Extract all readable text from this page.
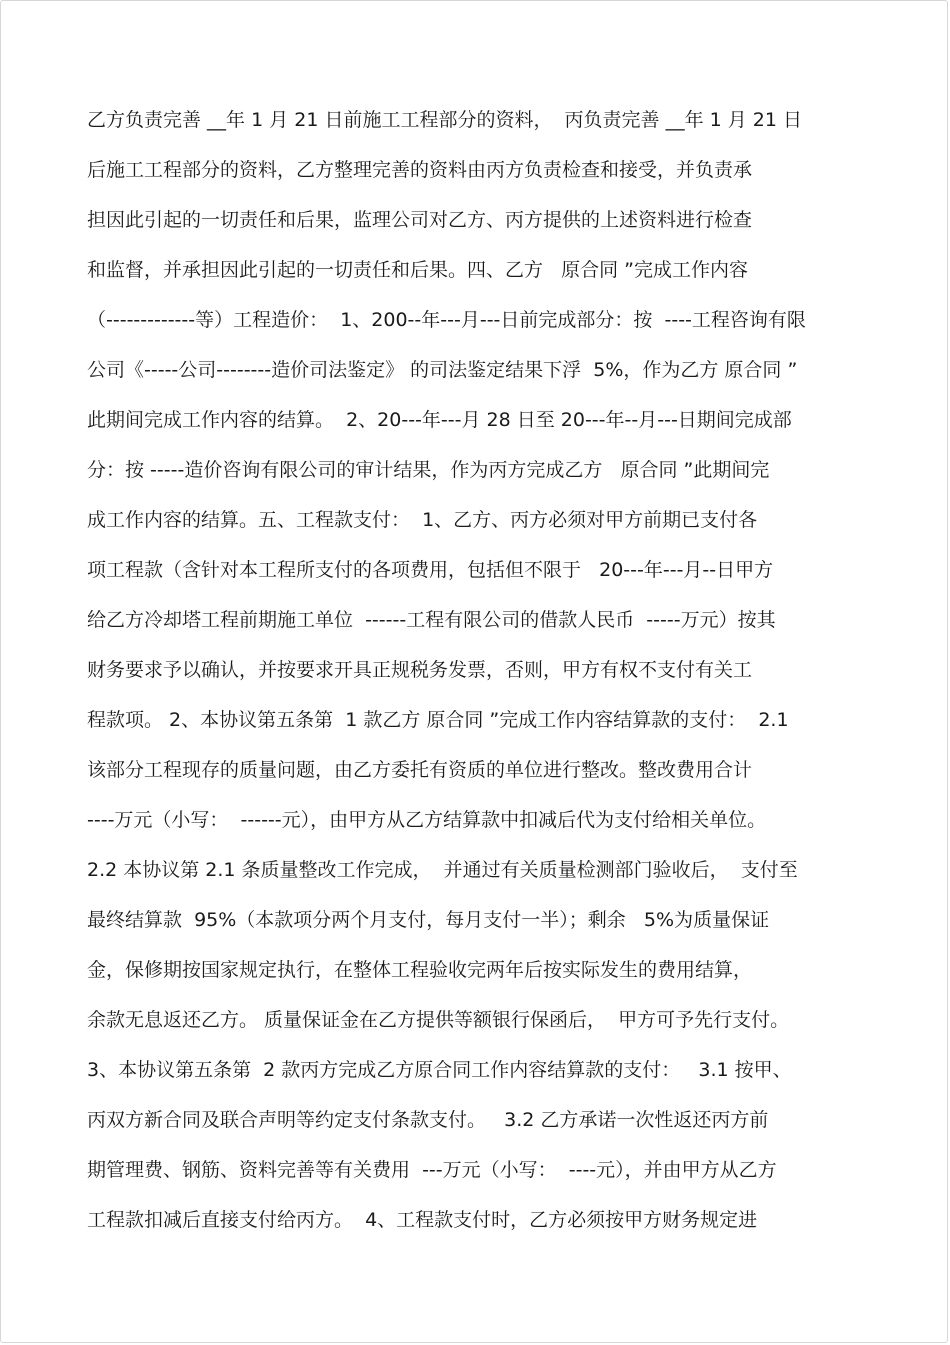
乙方负责完善 __年 1 月 21 日前施工工程部分的资料，  丙负责完善 __年 1 月 21 日
后施工工程部分的资料，乙方整理完善的资料由丙方负责检查和接受，并负责承
担因此引起的一切责任和后果，监理公司对乙方、丙方提供的上述资料进行检查
和监督，并承担因此引起的一切责任和后果。四、乙方   原合同 ”完成工作内容
（-------------等）工程造价：  1、200--年---月---日前完成部分：按  ----工程咨询有限
公司《-----公司--------造价司法鉴定》 的司法鉴定结果下浮  5%，作为乙方 原合同 ”
此期间完成工作内容的结算。  2、20---年---月 28 日至 20---年--月---日期间完成部
分：按 -----造价咨询有限公司的审计结果，作为丙方完成乙方   原合同 ”此期间完
成工作内容的结算。五、工程款支付：  1、乙方、丙方必须对甲方前期已支付各
项工程款（含针对本工程所支付的各项费用，包括但不限于   20---年---月--日甲方
给乙方冷却塔工程前期施工单位  ------工程有限公司的借款人民币  -----万元）按其
财务要求予以确认，并按要求开具正规税务发票，否则，甲方有权不支付有关工
程款项。 2、本协议第五条第  1 款乙方 原合同 ”完成工作内容结算款的支付：  2.1
该部分工程现存的质量问题，由乙方委托有资质的单位进行整改。整改费用合计
----万元（小写：  ------元），由甲方从乙方结算款中扣减后代为支付给相关单位。
2.2 本协议第 2.1 条质量整改工作完成，  并通过有关质量检测部门验收后，  支付至
最终结算款  95%（本款项分两个月支付，每月支付一半）；剩余   5%为质量保证
金，保修期按国家规定执行，在整体工程验收完两年后按实际发生的费用结算，
余款无息返还乙方。 质量保证金在乙方提供等额银行保函后，  甲方可予先行支付。
3、本协议第五条第  2 款丙方完成乙方原合同工作内容结算款的支付：   3.1 按甲、
丙双方新合同及联合声明等约定支付条款支付。   3.2 乙方承诺一次性返还丙方前
期管理费、钢筋、资料完善等有关费用  ---万元（小写：  ----元），并由甲方从乙方
工程款扣减后直接支付给丙方。  4、工程款支付时，乙方必须按甲方财务规定进
